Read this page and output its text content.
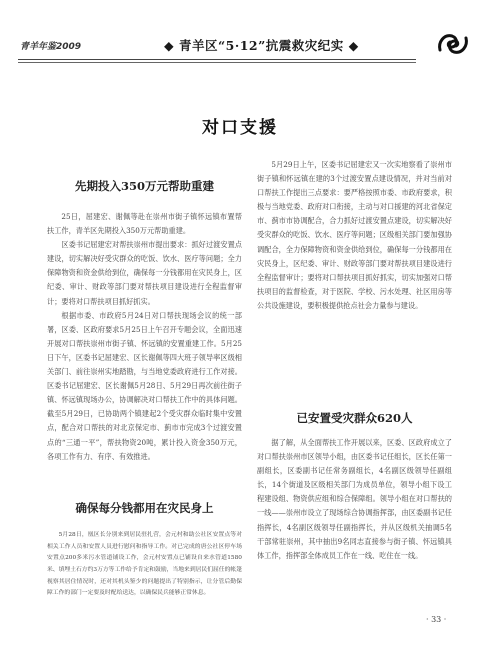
青羊年鉴2009	◆ 青羊区“5·12”抗震救灾纪实 ◆
对口支援
先期投入350万元帮助重建

25日，屈建宏、谢佩等赴在崇州市街子镇怀远镇布置帮扶工作，青羊区先期投入350万元帮助重建。

区委书记屈建宏对帮扶崇州市提出要求：抓好过渡安置点建设，切实解决好受灾群众的吃饭、饮水、医疗等问题；全力保障物资和资金供给到位，确保每一分钱都用在灾民身上，区纪委、审计、财政等部门要对帮扶项目建设进行全程监督审计；要将对口帮扶项目抓好抓实。

根据市委、市政府5月24日对口帮扶现场会议的统一部署，区委、区政府要求5月25日上午召开专题会议，全面迅速开展对口帮扶崇州市街子镇、怀远镇的安置重建工作。5月25日下午，区委书记屈建宏、区长谢佩等四大班子领导率区级相关部门、前往崇州实地踏勘，与当地党委政府进行工作对接。区委书记屈建宏、区长谢佩5月28日、5月29日再次前往街子镇、怀远镇现场办公，协调解决对口帮扶工作中的具体问题。截至5月29日，已协助两个镇建起2个受灾群众临时集中安置点，配合对口帮扶的对北京保定市、蓟市市完成3个过渡安置点的“三通一平”，帮扶物资20吨，累计投入资金350万元，各项工作有力、有序、有效推进。

确保每分钱都用在灾民身上

5月28日，凰区长分别来到居民驻扎营，会元村和助公社区安置点等对相关工作人员和安置人员进行慰问和指导工作。对已完成的唐公社区停车场安置点200多米污水管道铺设工作，会元村安置点已铺设自来水管道1580米、填埋土石方约3万方等工作给予肯定和鼓励，当地来到居民们屈任的帐篷视察其居住情况时，还对其机头鉴少的问题提出了特别指示，让分管后勤保障工作的部门一定要及时配给送达，以确保民兵能够正常休息。

5月29日上午，区委书记屈建宏又一次实地察看了崇州市街子镇和怀远镇在建的3个过渡安置点建设情况，并对当前对口帮扶工作提出三点要求：要严格按照市委、市政府要求，积极与当地党委、政府对口衔接，主动与对口援建的河北省保定市、蓟市市协调配合，合力抓好过渡安置点建设，切实解决好受灾群众的吃饭、饮水、医疗等问题；区级相关部门要加强协调配合，全力保障物资和资金供给到位，确保每一分钱都用在灾民身上，区纪委、审计、财政等部门要对帮扶项目建设进行全程监督审计；要将对口帮扶项目抓好抓实，切实加强对口帮扶项目的监督检查，对于医院、学校、污水处理、社区用房等公共设施建设，要积极提供抢点社会力量参与建设。

已安置受灾群众620人

据了解，从全面帮扶工作开展以来，区委、区政府成立了对口帮扶崇州市区领导小组，由区委书记任组长，区长任第一副组长，区委副书记任常务副组长，4名副区级领导任副组长，14个街道及区级相关部门为成员单位，领导小组下设工程建设组、物资供应组和综合保障组。领导小组在对口帮扶的一线——崇州市设立了现场综合协调指挥部，由区委副书记任指挥长，4名副区级领导任副指挥长，并从区级机关抽调5名干部常驻崇州，其中抽出9名同志直接参与街子镇、怀远镇具体工作，指挥部全体成员工作在一线、吃住在一线。

· 33 ·
